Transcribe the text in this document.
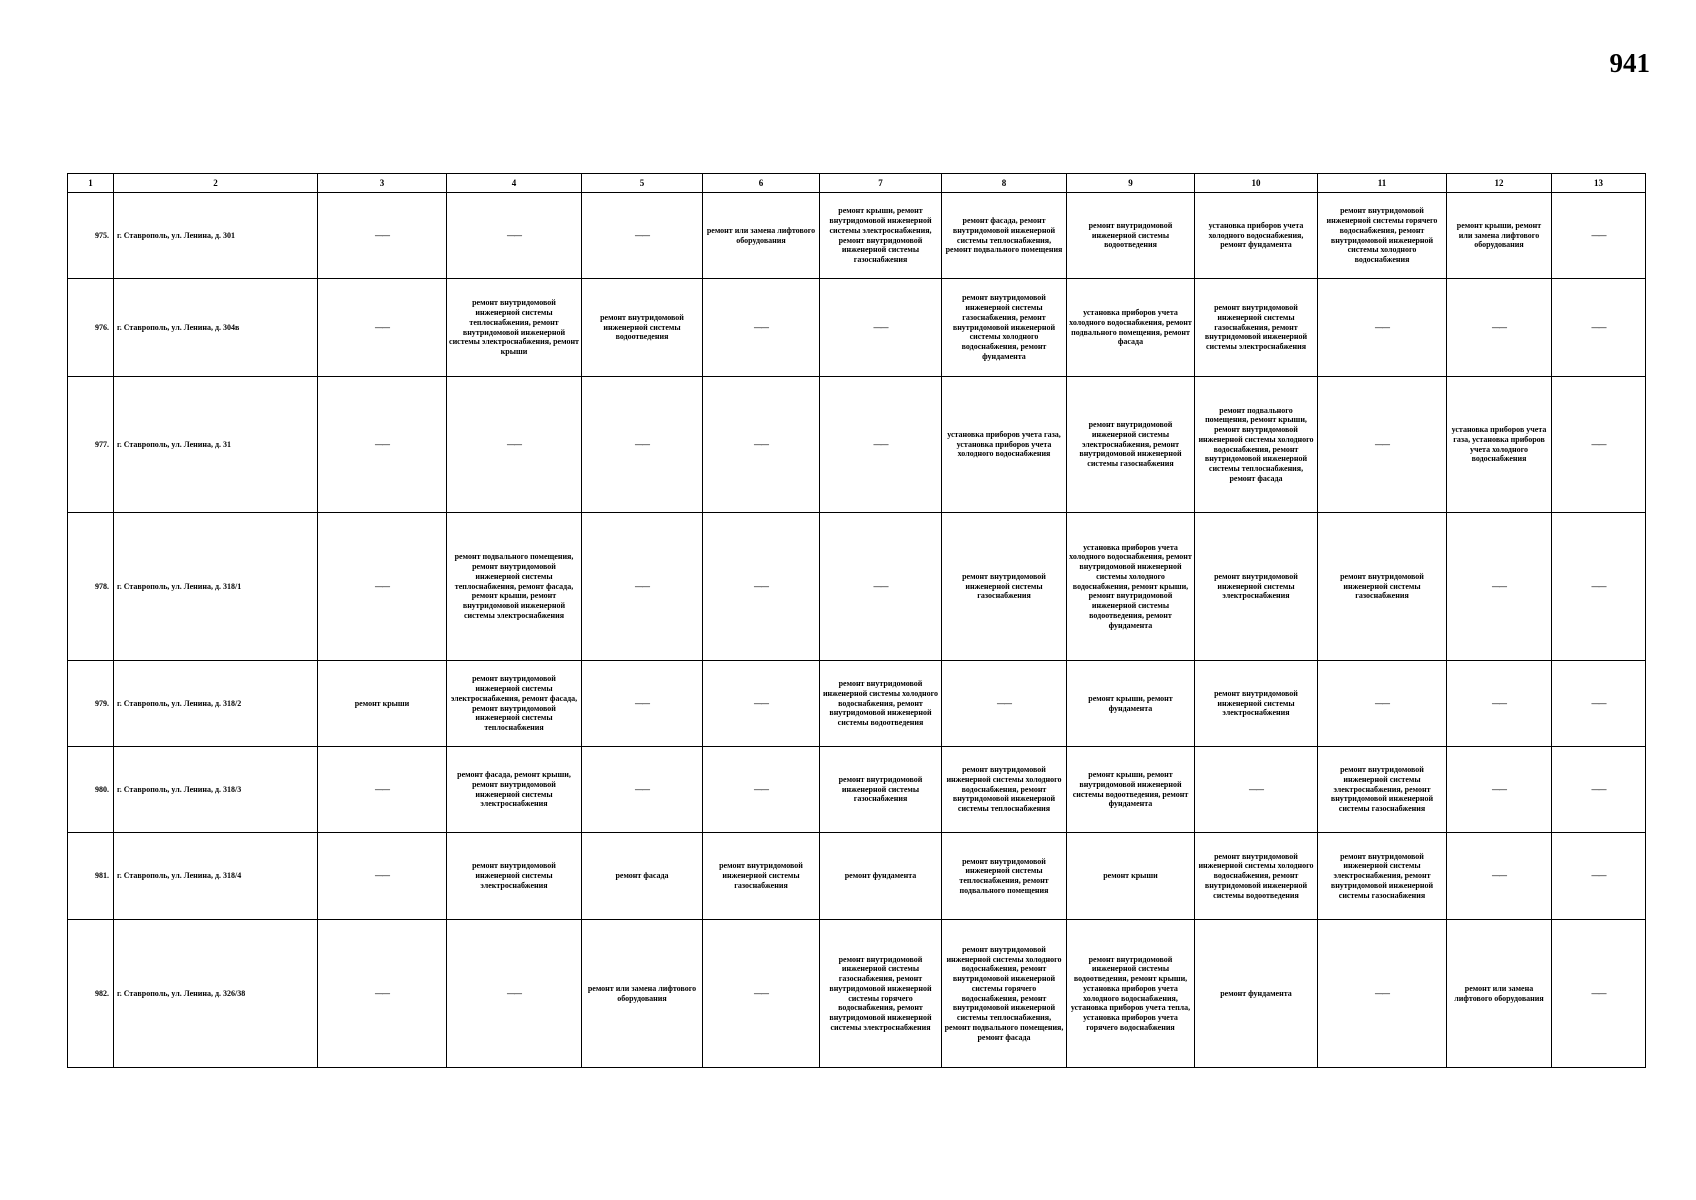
941
1	2	3	4	5	6	7	8	9	10	11	12	13
975.	г. Ставрополь, ул. Ленина, д. 301	——	——	——	ремонт или замена лифтового оборудования	ремонт крыши, ремонт внутридомовой инженерной системы электроснабжения, ремонт внутридомовой инженерной системы газоснабжения	ремонт фасада, ремонт внутридомовой инженерной системы теплоснабжения, ремонт подвального помещения	ремонт внутридомовой инженерной системы водоотведения	установка приборов учета холодного водоснабжения, ремонт фундамента	ремонт внутридомовой инженерной системы горячего водоснабжения, ремонт внутридомовой инженерной системы холодного водоснабжения	ремонт крыши, ремонт или замена лифтового оборудования	——
976.	г. Ставрополь, ул. Ленина, д. 304в	——	ремонт внутридомовой инженерной системы теплоснабжения, ремонт внутридомовой инженерной системы электроснабжения, ремонт крыши	ремонт внутридомовой инженерной системы водоотведения	——	——	ремонт внутридомовой инженерной системы газоснабжения, ремонт внутридомовой инженерной системы холодного водоснабжения, ремонт фундамента	установка приборов учета холодного водоснабжения, ремонт подвального помещения, ремонт фасада	ремонт внутридомовой инженерной системы газоснабжения, ремонт внутридомовой инженерной системы электроснабжения	——	——	——
977.	г. Ставрополь, ул. Ленина, д. 31	——	——	——	——	——	установка приборов учета газа, установка приборов учета холодного водоснабжения	ремонт внутридомовой инженерной системы электроснабжения, ремонт внутридомовой инженерной системы газоснабжения	ремонт подвального помещения, ремонт крыши, ремонт внутридомовой инженерной системы холодного водоснабжения, ремонт внутридомовой инженерной системы теплоснабжения, ремонт фасада	——	установка приборов учета газа, установка приборов учета холодного водоснабжения	——
978.	г. Ставрополь, ул. Ленина, д. 318/1	——	ремонт подвального помещения, ремонт внутридомовой инженерной системы теплоснабжения, ремонт фасада, ремонт крыши, ремонт внутридомовой инженерной системы электроснабжения	——	——	——	ремонт внутридомовой инженерной системы газоснабжения	установка приборов учета холодного водоснабжения, ремонт внутридомовой инженерной системы холодного водоснабжения, ремонт крыши, ремонт внутридомовой инженерной системы водоотведения, ремонт фундамента	ремонт внутридомовой инженерной системы электроснабжения	ремонт внутридомовой инженерной системы газоснабжения	——	——
979.	г. Ставрополь, ул. Ленина, д. 318/2	ремонт крыши	ремонт внутридомовой инженерной системы электроснабжения, ремонт фасада, ремонт внутридомовой инженерной системы теплоснабжения	——	——	ремонт внутридомовой инженерной системы холодного водоснабжения, ремонт внутридомовой инженерной системы водоотведения	——	ремонт крыши, ремонт фундамента	ремонт внутридомовой инженерной системы электроснабжения	——	——	——
980.	г. Ставрополь, ул. Ленина, д. 318/3	——	ремонт фасада, ремонт крыши, ремонт внутридомовой инженерной системы электроснабжения	——	——	ремонт внутридомовой инженерной системы газоснабжения	ремонт внутридомовой инженерной системы холодного водоснабжения, ремонт внутридомовой инженерной системы теплоснабжения	ремонт крыши, ремонт внутридомовой инженерной системы водоотведения, ремонт фундамента	——	ремонт внутридомовой инженерной системы электроснабжения, ремонт внутридомовой инженерной системы газоснабжения	——	——
981.	г. Ставрополь, ул. Ленина, д. 318/4	——	ремонт внутридомовой инженерной системы электроснабжения	ремонт фасада	ремонт внутридомовой инженерной системы газоснабжения	ремонт фундамента	ремонт внутридомовой инженерной системы теплоснабжения, ремонт подвального помещения	ремонт крыши	ремонт внутридомовой инженерной системы холодного водоснабжения, ремонт внутридомовой инженерной системы водоотведения	ремонт внутридомовой инженерной системы электроснабжения, ремонт внутридомовой инженерной системы газоснабжения	——	——
982.	г. Ставрополь, ул. Ленина, д. 326/38	——	——	ремонт или замена лифтового оборудования	——	ремонт внутридомовой инженерной системы газоснабжения, ремонт внутридомовой инженерной системы горячего водоснабжения, ремонт внутридомовой инженерной системы электроснабжения	ремонт внутридомовой инженерной системы холодного водоснабжения, ремонт внутридомовой инженерной системы горячего водоснабжения, ремонт внутридомовой инженерной системы теплоснабжения, ремонт подвального помещения, ремонт фасада	ремонт внутридомовой инженерной системы водоотведения, ремонт крыши, установка приборов учета холодного водоснабжения, установка приборов учета тепла, установка приборов учета горячего водоснабжения	ремонт фундамента	——	ремонт или замена лифтового оборудования	——
